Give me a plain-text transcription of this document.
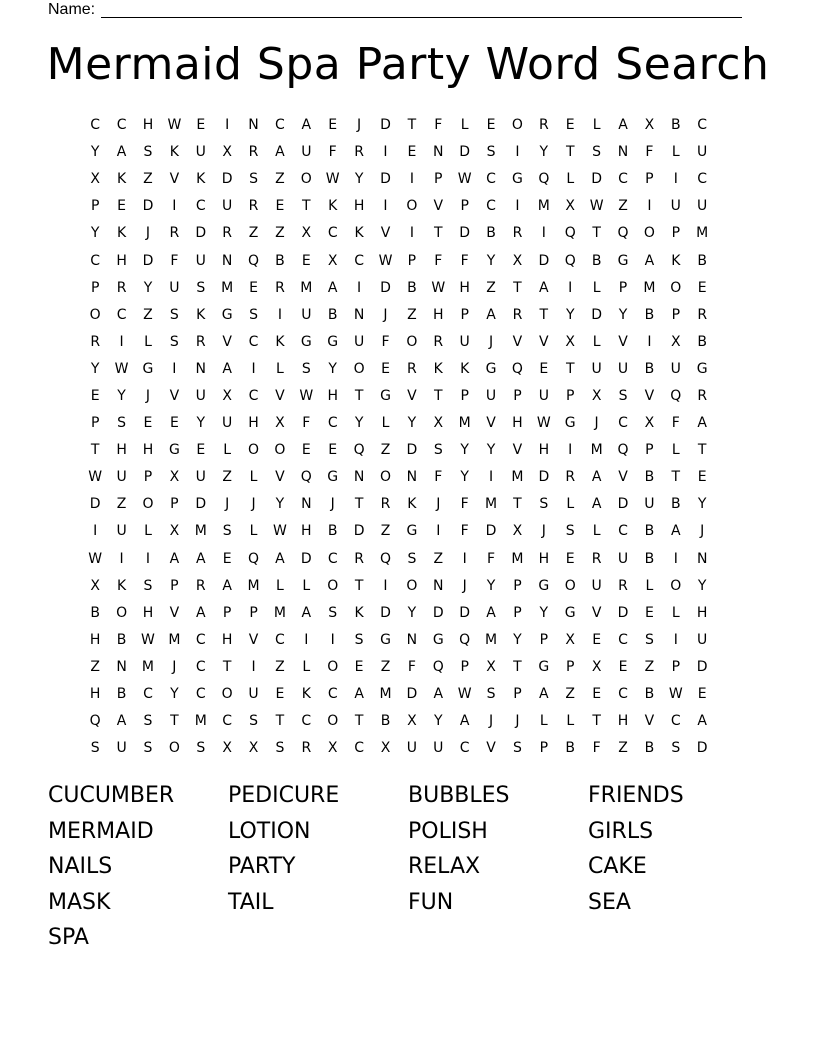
Name:
Mermaid Spa Party Word Search
C	C	H	W	E	I	N	C	A	E	J	D	T	F	L	E	O	R	E	L	A	X	B	C
Y	A	S	K	U	X	R	A	U	F	R	I	E	N	D	S	I	Y	T	S	N	F	L	U
X	K	Z	V	K	D	S	Z	O W	Y	D	I	P	W	C	G	Q	L	D	C	P	I	C
P	E	D	I	C	U	R	E	T	K	H	I	O	V	P	C	I	M	X	W	Z	I	U	U
Y	K	J	R	D	R	Z	Z	X	C	K	V	I	T	D	B	R	I	Q	T	Q	O	P	M
C	H	D	F	U	N	Q	B	E	X	C	W	P	F	F	Y	X	D	Q	B	G	A	K	B
P	R	Y	U	S	M	E	R	M	A	I	D	B	W	H	Z	T	A	I	L	P	M	O	E
O	C	Z	S	K	G	S	I	U	B	N	J	Z	H	P	A	R	T	Y	D	Y	B	P	R
R	I	L	S	R	V	C	K	G	G	U	F	O	R	U	J	V	V	X	L	V	I	X	B
Y	W	G	I	N	A	I	L	S	Y	O	E	R	K	K	G	Q	E	T	U	U	B	U	G
E	Y	J	V	U	X	C	V	W	H	T	G	V	T	P	U	P	U	P	X	S	V	Q	R
P	S	E	E	Y	U	H	X	F	C	Y	L	Y	X	M	V	H	W	G	J	C	X	F	A
T	H	H	G	E	L	O	O	E	E	Q	Z	D	S	Y	Y	V	H	I	M	Q	P	L	T
W	U	P	X	U	Z	L	V	Q	G	N	O	N	F	Y	I	M	D	R	A	V	B	T	E
D	Z	O	P	D	J	J	Y	N	J	T	R	K	J	F	M	T	S	L	A	D	U	B	Y
I	U	L	X	M	S	L	W	H	B	D	Z	G	I	F	D	X	J	S	L	C	B	A	J
W	I	I	A	A	E	Q	A	D	C	R	Q	S	Z	I	F	M	H	E	R	U	B	I	N
X	K	S	P	R	A	M	L	L	O	T	I	O	N	J	Y	P	G	O	U	R	L	O	Y
B	O	H	V	A	P	P	M	A	S	K	D	Y	D	D	A	P	Y	G	V	D	E	L	H
H	B	W M	C	H	V	C	I	I	S	G	N	G	Q	M	Y	P	X	E	C	S	I	U
Z	N	M	J	C	T	I	Z	L	O	E	Z	F	Q	P	X	T	G	P	X	E	Z	P	D
H	B	C	Y	C	O	U	E	K	C	A	M	D	A	W	S	P	A	Z	E	C	B	W	E
Q	A	S	T	M	C	S	T	C	O	T	B	X	Y	A	J	J	L	L	T	H	V	C	A
S	U	S	O	S	X	X	S	R	X	C	X	U	U	C	V	S	P	B	F	Z	B	S	D
CUCUMBER	PEDICURE	BUBBLES	FRIENDS
MERMAID	LOTION	POLISH	GIRLS
NAILS	PARTY	RELAX	CAKE
MASK	TAIL	FUN	SEA
SPA
